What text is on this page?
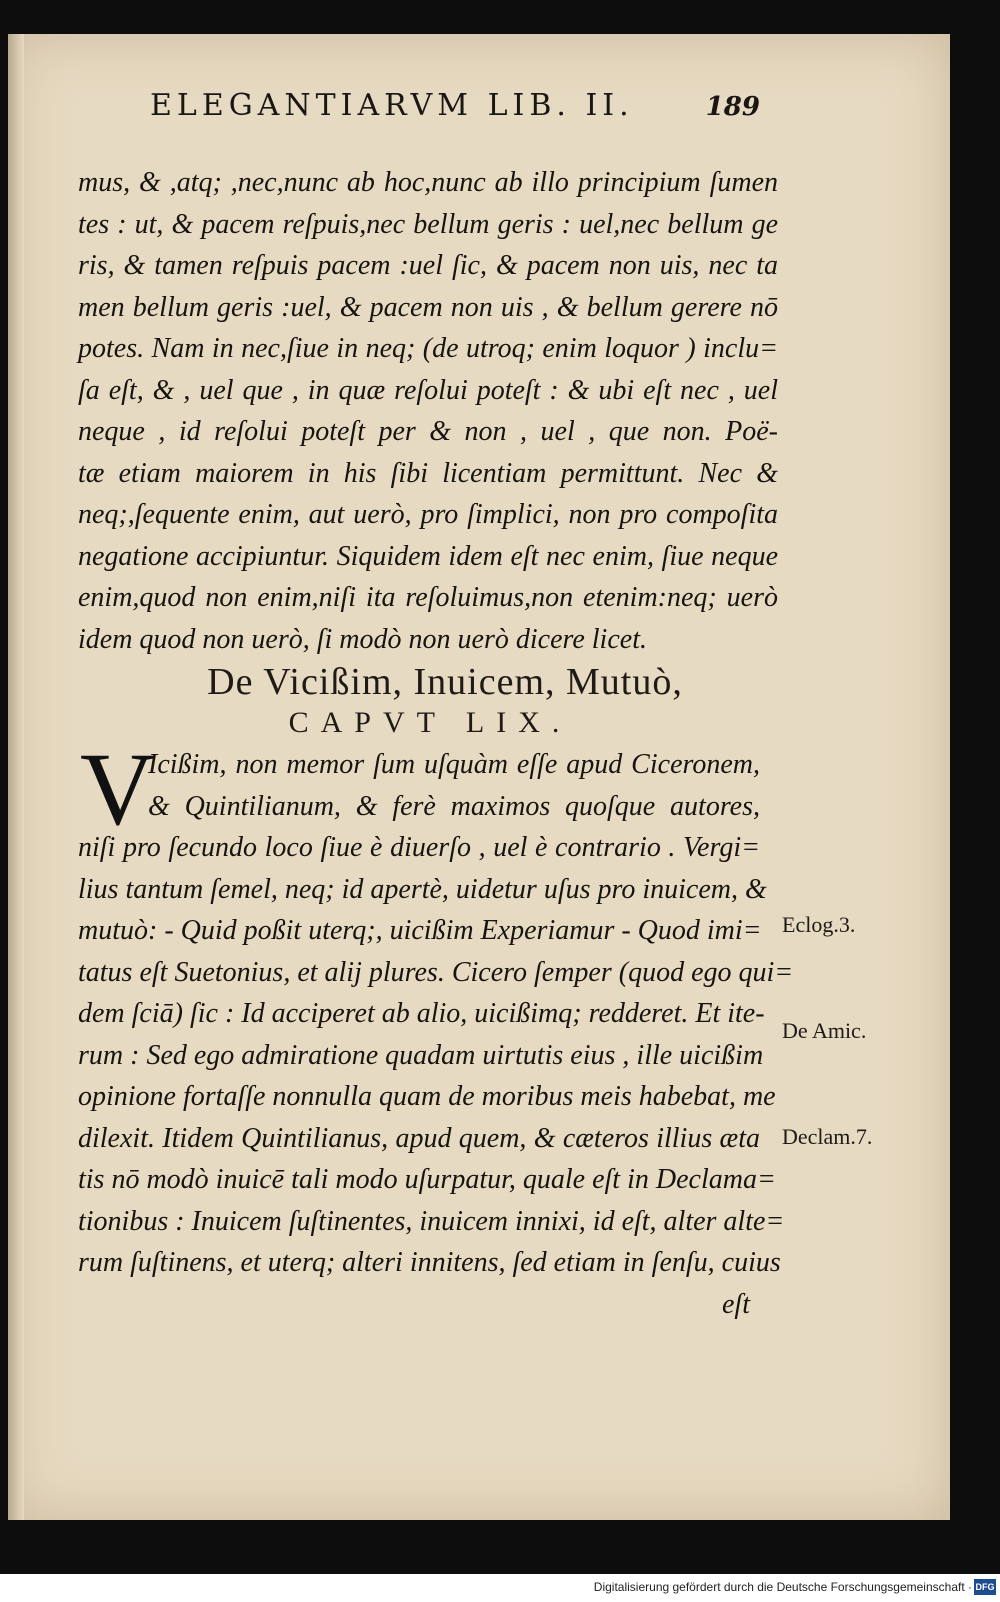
ELEGANTIARVM LIB. II.	189
mus, & ,atq; ,nec,nunc ab hoc,nunc ab illo principium ſumen
tes : ut, & pacem reſpuis,nec bellum geris : uel,nec bellum ge
ris, & tamen reſpuis pacem :uel ſic, & pacem non uis, nec ta
men bellum geris :uel, & pacem non uis , & bellum gerere nō
potes. Nam in nec,ſiue in neq; (de utroq; enim loquor ) inclu=
ſa eſt, & , uel que , in quæ reſolui poteſt : & ubi eſt nec , uel
neque , id reſolui poteſt per & non , uel , que non. Poë-
tæ etiam maiorem in his ſibi licentiam permittunt. Nec &
neq;,ſequente enim, aut uerò, pro ſimplici, non pro compoſita
negatione accipiuntur. Siquidem idem eſt nec enim, ſiue neque
enim,quod non enim,niſi ita reſoluimus,non etenim:neq; uerò
idem quod non uerò, ſi modò non uerò dicere licet.
De Vicißim, Inuicem, Mutuò,
CAPVT LIX.
V
Icißim, non memor ſum uſquàm eſſe apud Ciceronem,
& Quintilianum, & ferè maximos quoſque autores,
niſi pro ſecundo loco ſiue è diuerſo , uel è contrario . Vergi=
lius tantum ſemel, neq; id apertè, uidetur uſus pro inuicem, &
mutuò: - Quid poßit uterq;, uicißim Experiamur - Quod imi=
tatus eſt Suetonius, et alij plures. Cicero ſemper (quod ego qui=
dem ſciā) ſic : Id acciperet ab alio, uicißimq; redderet. Et ite-
rum : Sed ego admiratione quadam uirtutis eius , ille uicißim
opinione fortaſſe nonnulla quam de moribus meis habebat, me
dilexit. Itidem Quintilianus, apud quem, & cæteros illius æta
tis nō modò inuicē tali modo uſurpatur, quale eſt in Declama=
tionibus : Inuicem ſuſtinentes, inuicem innixi, id eſt, alter alte=
rum ſuſtinens, et uterq; alteri innitens, ſed etiam in ſenſu, cuius
eſt
Eclog.3.
De Amic.
Declam.7.
Digitalisierung gefördert durch die Deutsche Forschungsgemeinschaft · DFG
